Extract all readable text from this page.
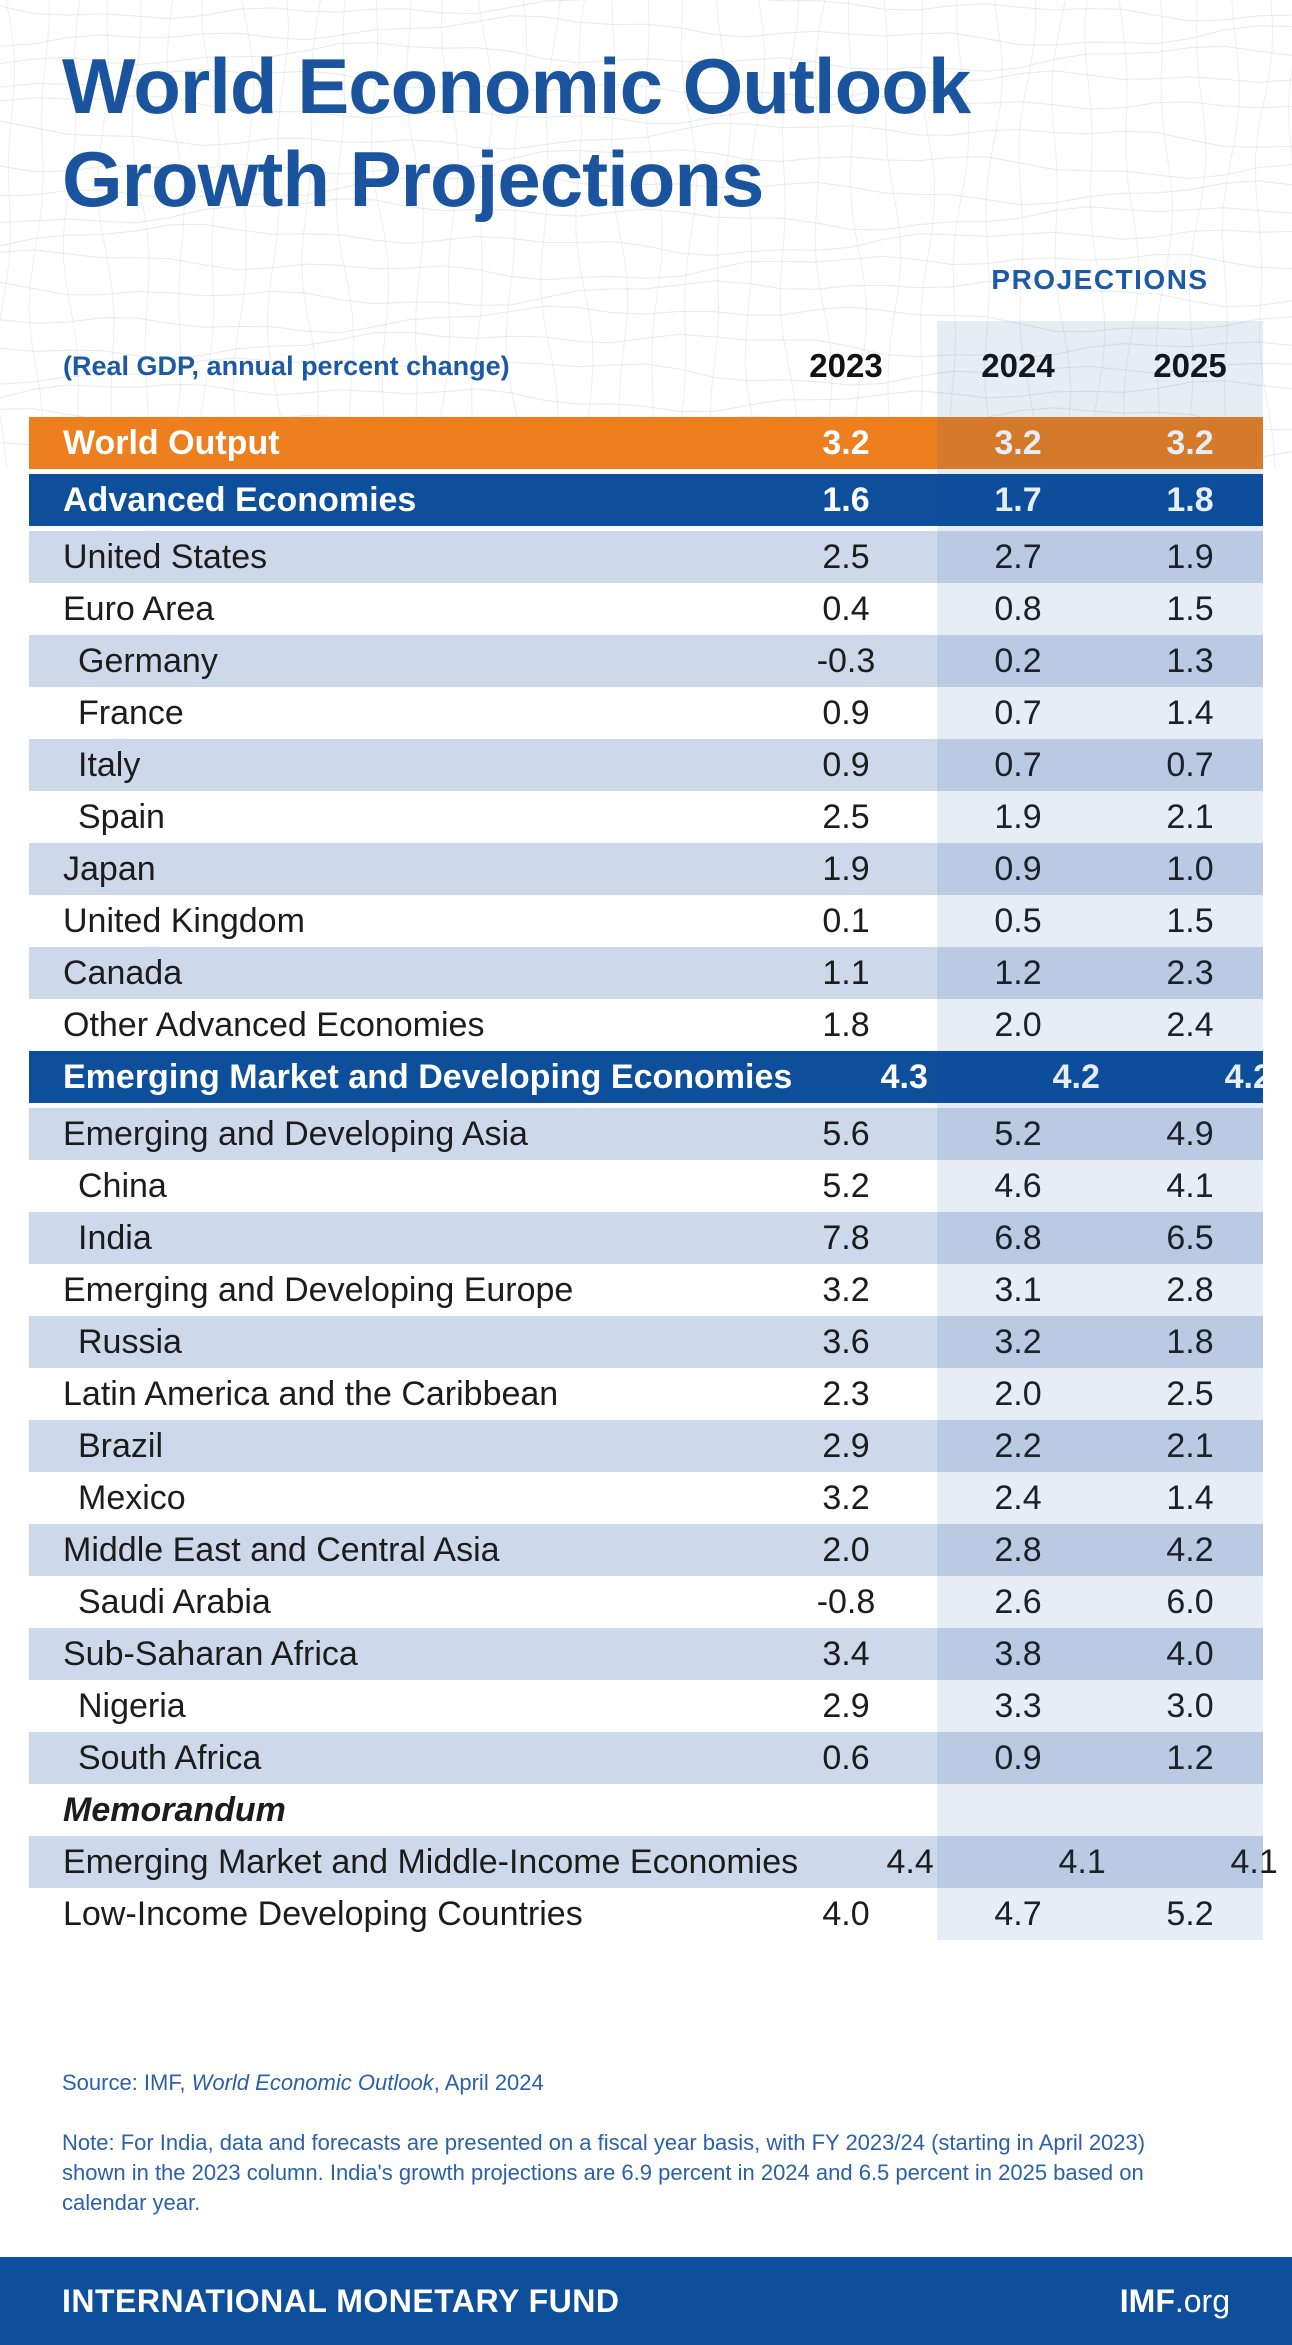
World Economic Outlook
Growth Projections
PROJECTIONS
(Real GDP, annual percent change)	2023	2024	2025
World Output	3.2	3.2	3.2
Advanced Economies	1.6	1.7	1.8
United States	2.5	2.7	1.9
Euro Area	0.4	0.8	1.5
Germany	-0.3	0.2	1.3
France	0.9	0.7	1.4
Italy	0.9	0.7	0.7
Spain	2.5	1.9	2.1
Japan	1.9	0.9	1.0
United Kingdom	0.1	0.5	1.5
Canada	1.1	1.2	2.3
Other Advanced Economies	1.8	2.0	2.4
Emerging Market and Developing Economies	4.3	4.2	4.2
Emerging and Developing Asia	5.6	5.2	4.9
China	5.2	4.6	4.1
India	7.8	6.8	6.5
Emerging and Developing Europe	3.2	3.1	2.8
Russia	3.6	3.2	1.8
Latin America and the Caribbean	2.3	2.0	2.5
Brazil	2.9	2.2	2.1
Mexico	3.2	2.4	1.4
Middle East and Central Asia	2.0	2.8	4.2
Saudi Arabia	-0.8	2.6	6.0
Sub-Saharan Africa	3.4	3.8	4.0
Nigeria	2.9	3.3	3.0
South Africa	0.6	0.9	1.2
Memorandum
Emerging Market and Middle-Income Economies	4.4	4.1	4.1
Low-Income Developing Countries	4.0	4.7	5.2
Source: IMF, World Economic Outlook, April 2024
Note: For India, data and forecasts are presented on a fiscal year basis, with FY 2023/24 (starting in April 2023) shown in the 2023 column. India's growth projections are 6.9 percent in 2024 and 6.5 percent in 2025 based on calendar year.
INTERNATIONAL MONETARY FUND	IMF.org
